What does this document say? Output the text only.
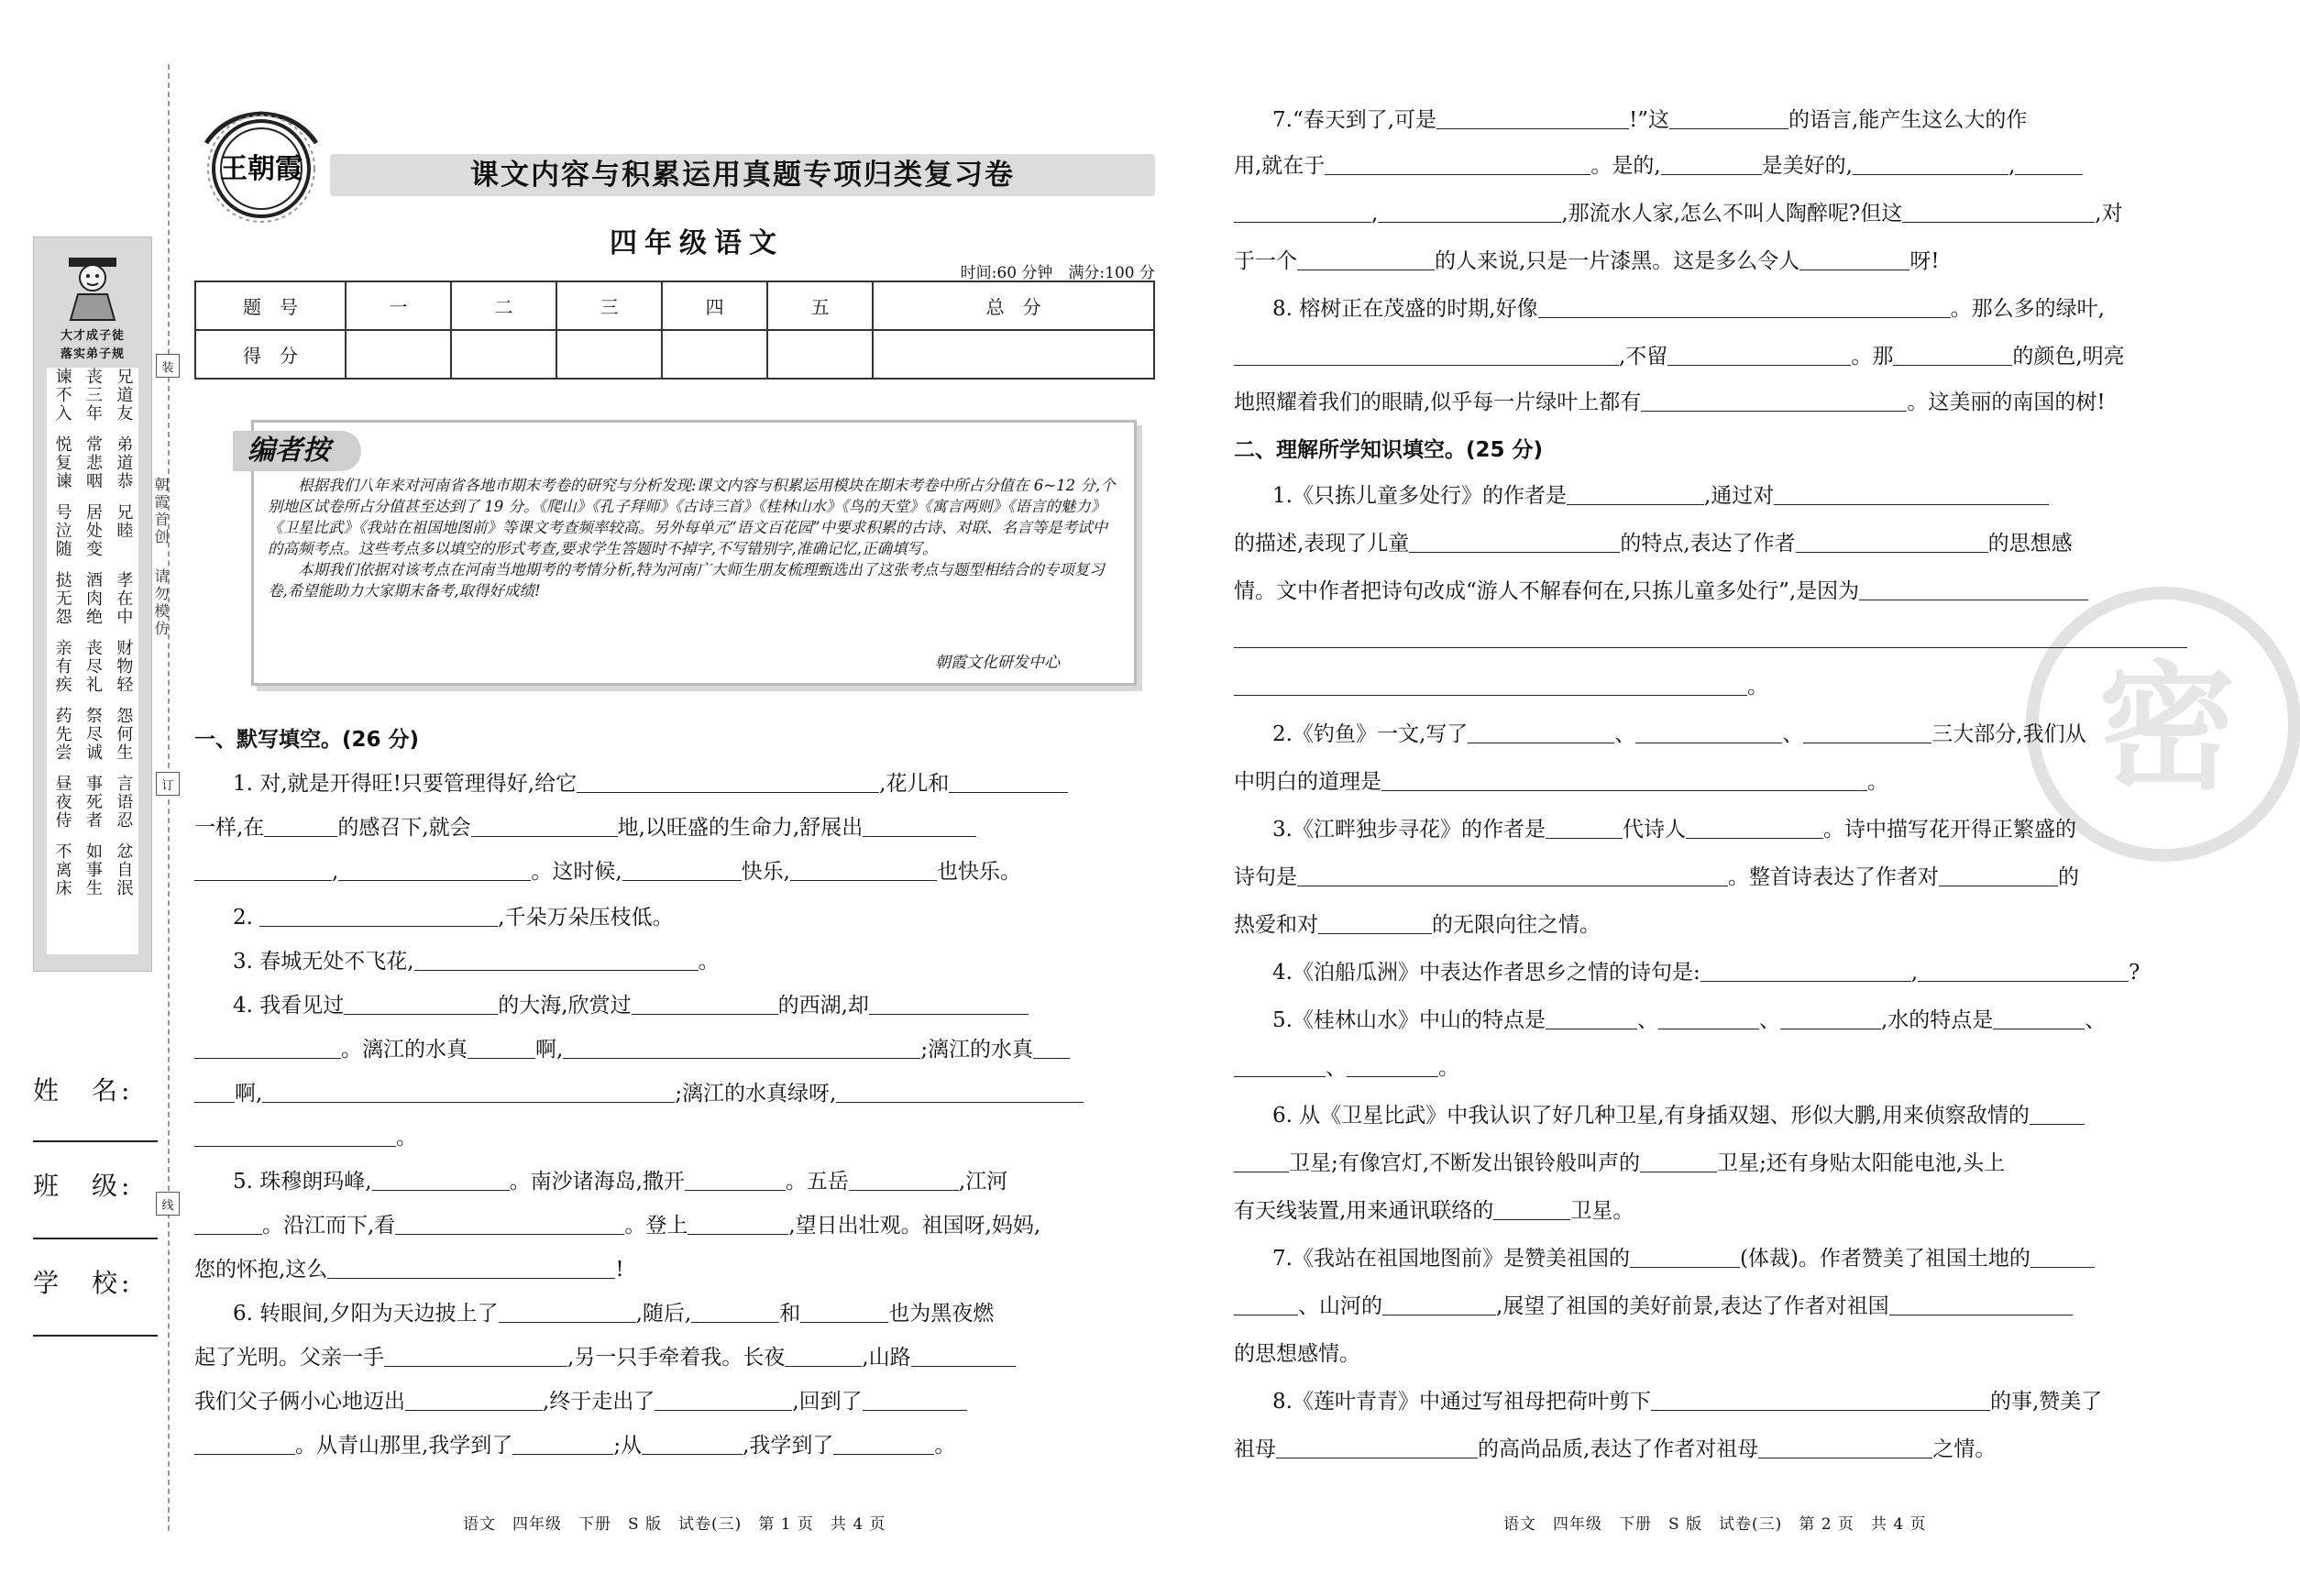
大才成子徒
落实弟子规
兄道友
丧三年
谏不入
弟道恭
常悲咽
悦复谏
兄睦
居处变
号泣随
孝在中
酒肉绝
挞无怨
财物轻
丧尽礼
亲有疾
怨何生
祭尽诚
药先尝
言语忍
事死者
昼夜侍
忿自泯
如事生
不离床
姓　名:
班　级:
学　校:
装
订
线
朝霞首创
请勿模仿
王朝霞	课文内容与积累运用真题专项归类复习卷
四年级语文
时间:60 分钟　满分:100 分
题　号	一	二	三	四	五	总　分
得　分						
编者按

根据我们八年来对河南省各地市期末考卷的研究与分析发现:课文内容与积累运用模块在期末考卷中所占分值在 6~12 分,个别地区试卷所占分值甚至达到了 19 分。《爬山》《孔子拜师》《古诗三首》《桂林山水》《鸟的天堂》《寓言两则》《语言的魅力》《卫星比武》《我站在祖国地图前》等课文考查频率较高。另外每单元“语文百花园”中要求积累的古诗、对联、名言等是考试中的高频考点。这些考点多以填空的形式考查,要求学生答题时不掉字,不写错别字,准确记忆,正确填写。

本期我们依据对该考点在河南当地期考的考情分析,特为河南广大师生朋友梳理甄选出了这张考点与题型相结合的专项复习卷,希望能助力大家期末备考,取得好成绩!

朝霞文化研发中心
一、默写填空。(26 分)
1. 对,就是开得旺!只要管理得好,给它	,花儿和
一样,在	的感召下,就会	地,以旺盛的生命力,舒展出
,	。这时候,	快乐,	也快乐。
2.	,千朵万朵压枝低。
3. 春城无处不飞花,	。
4. 我看见过	的大海,欣赏过	的西湖,却
。漓江的水真	啊,	;漓江的水真
啊,	;漓江的水真绿呀,
。
5. 珠穆朗玛峰,	。南沙诸海岛,撒开	。五岳	,江河
。沿江而下,看	。登上	,望日出壮观。祖国呀,妈妈,
您的怀抱,这么	!
6. 转眼间,夕阳为天边披上了	,随后,	和	也为黑夜燃
起了光明。父亲一手	,另一只手牵着我。长夜	,山路
我们父子俩小心地迈出	,终于走出了	,回到了
。从青山那里,我学到了	;从	,我学到了	。
语文　四年级　下册　S 版　试卷(三)　第 1 页　共 4 页
密
7.“春天到了,可是	!”这	的语言,能产生这么大的作
用,就在于	。是的,	是美好的,	,
,	,那流水人家,怎么不叫人陶醉呢?但这	,对
于一个	的人来说,只是一片漆黑。这是多么令人	呀!
8. 榕树正在茂盛的时期,好像	。那么多的绿叶,
,不留	。那	的颜色,明亮
地照耀着我们的眼睛,似乎每一片绿叶上都有	。这美丽的南国的树!
二、理解所学知识填空。(25 分)
1.《只拣儿童多处行》的作者是	,通过对
的描述,表现了儿童	的特点,表达了作者	的思想感
情。文中作者把诗句改成“游人不解春何在,只拣儿童多处行”,是因为
。
2.《钓鱼》一文,写了	、	、	三大部分,我们从
中明白的道理是	。
3.《江畔独步寻花》的作者是	代诗人	。诗中描写花开得正繁盛的
诗句是	。整首诗表达了作者对	的
热爱和对	的无限向往之情。
4.《泊船瓜洲》中表达作者思乡之情的诗句是:	,	?
5.《桂林山水》中山的特点是	、	、	,水的特点是	、
、	。
6. 从《卫星比武》中我认识了好几种卫星,有身插双翅、形似大鹏,用来侦察敌情的
卫星;有像宫灯,不断发出银铃般叫声的	卫星;还有身贴太阳能电池,头上
有天线装置,用来通讯联络的	卫星。
7.《我站在祖国地图前》是赞美祖国的	(体裁)。作者赞美了祖国土地的
、山河的	,展望了祖国的美好前景,表达了作者对祖国
的思想感情。
8.《莲叶青青》中通过写祖母把荷叶剪下	的事,赞美了
祖母	的高尚品质,表达了作者对祖母	之情。
语文　四年级　下册　S 版　试卷(三)　第 2 页　共 4 页
